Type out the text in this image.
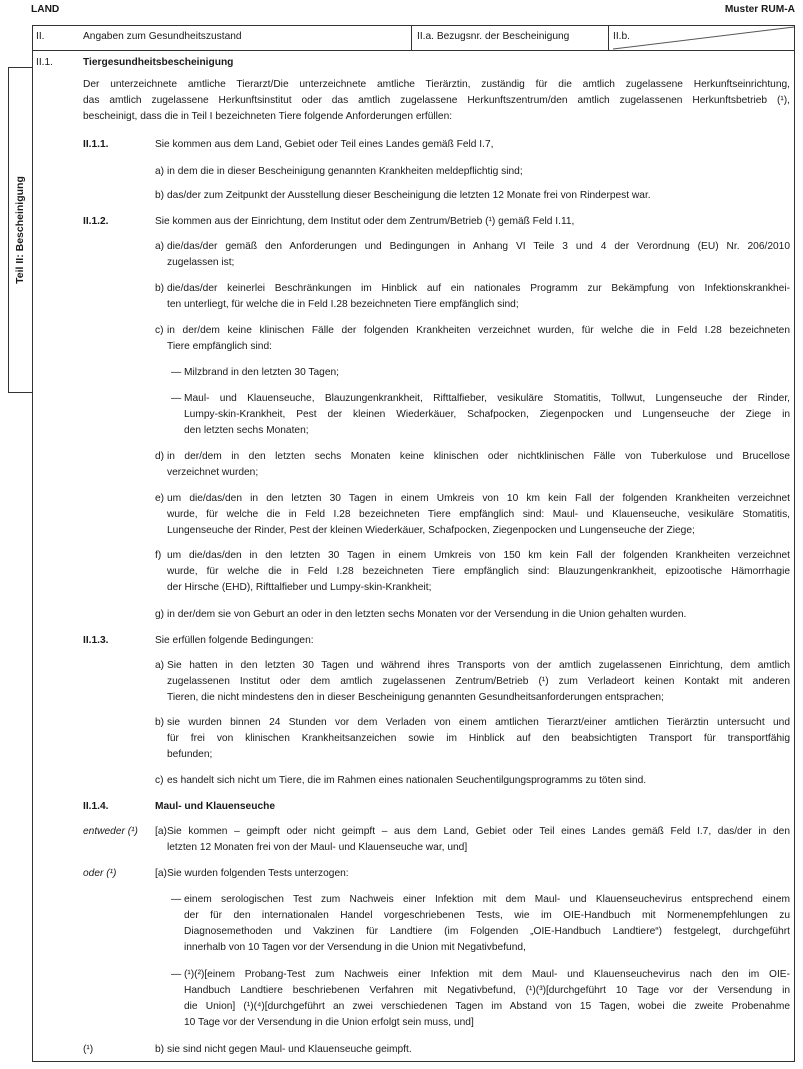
LAND	Muster RUM-A
II.	Angaben zum Gesundheitszustand	II.a. Bezugsnr. der Bescheinigung	II.b.
Teil II: Bescheinigung
II.1.	Tiergesundheitsbescheinigung
Der unterzeichnete amtliche Tierarzt/Die unterzeichnete amtliche Tierärztin, zuständig für die amtlich zugelassene Herkunftseinrichtung,
das amtlich zugelassene Herkunftsinstitut oder das amtlich zugelassene Herkunftszentrum/den amtlich zugelassenen Herkunftsbetrieb (¹),
bescheinigt, dass die in Teil I bezeichneten Tiere folgende Anforderungen erfüllen:
II.1.1.	Sie kommen aus dem Land, Gebiet oder Teil eines Landes gemäß Feld I.7,
a) in dem die in dieser Bescheinigung genannten Krankheiten meldepflichtig sind;
b) das/der zum Zeitpunkt der Ausstellung dieser Bescheinigung die letzten 12 Monate frei von Rinderpest war.
II.1.2.	Sie kommen aus der Einrichtung, dem Institut oder dem Zentrum/Betrieb (¹) gemäß Feld I.11,
a) die/das/der gemäß den Anforderungen und Bedingungen in Anhang VI Teile 3 und 4 der Verordnung (EU) Nr. 206/2010
zugelassen ist;
b) die/das/der keinerlei Beschränkungen im Hinblick auf ein nationales Programm zur Bekämpfung von Infektionskrankhei-
ten unterliegt, für welche die in Feld I.28 bezeichneten Tiere empfänglich sind;
c) in der/dem keine klinischen Fälle der folgenden Krankheiten verzeichnet wurden, für welche die in Feld I.28 bezeichneten
Tiere empfänglich sind:
— Milzbrand in den letzten 30 Tagen;
— Maul- und Klauenseuche, Blauzungenkrankheit, Rifttalfieber, vesikuläre Stomatitis, Tollwut, Lungenseuche der Rinder,
Lumpy-skin-Krankheit, Pest der kleinen Wiederkäuer, Schafpocken, Ziegenpocken und Lungenseuche der Ziege in
den letzten sechs Monaten;
d) in der/dem in den letzten sechs Monaten keine klinischen oder nichtklinischen Fälle von Tuberkulose und Brucellose
verzeichnet wurden;
e) um die/das/den in den letzten 30 Tagen in einem Umkreis von 10 km kein Fall der folgenden Krankheiten verzeichnet
wurde, für welche die in Feld I.28 bezeichneten Tiere empfänglich sind: Maul- und Klauenseuche, vesikuläre Stomatitis,
Lungenseuche der Rinder, Pest der kleinen Wiederkäuer, Schafpocken, Ziegenpocken und Lungenseuche der Ziege;
f) um die/das/den in den letzten 30 Tagen in einem Umkreis von 150 km kein Fall der folgenden Krankheiten verzeichnet
wurde, für welche die in Feld I.28 bezeichneten Tiere empfänglich sind: Blauzungenkrankheit, epizootische Hämorrhagie
der Hirsche (EHD), Rifttalfieber und Lumpy-skin-Krankheit;
g) in der/dem sie von Geburt an oder in den letzten sechs Monaten vor der Versendung in die Union gehalten wurden.
II.1.3.	Sie erfüllen folgende Bedingungen:
a) Sie hatten in den letzten 30 Tagen und während ihres Transports von der amtlich zugelassenen Einrichtung, dem amtlich
zugelassenen Institut oder dem amtlich zugelassenen Zentrum/Betrieb (¹) zum Verladeort keinen Kontakt mit anderen
Tieren, die nicht mindestens den in dieser Bescheinigung genannten Gesundheitsanforderungen entsprachen;
b) sie wurden binnen 24 Stunden vor dem Verladen von einem amtlichen Tierarzt/einer amtlichen Tierärztin untersucht und
für frei von klinischen Krankheitsanzeichen sowie im Hinblick auf den beabsichtigten Transport für transportfähig
befunden;
c) es handelt sich nicht um Tiere, die im Rahmen eines nationalen Seuchentilgungsprogramms zu töten sind.
II.1.4.	Maul- und Klauenseuche
entweder (¹) [a) Sie kommen – geimpft oder nicht geimpft – aus dem Land, Gebiet oder Teil eines Landes gemäß Feld I.7, das/der in den
letzten 12 Monaten frei von der Maul- und Klauenseuche war, und]
oder (¹)	[a) Sie wurden folgenden Tests unterzogen:
— einem serologischen Test zum Nachweis einer Infektion mit dem Maul- und Klauenseuchevirus entsprechend einem
der für den internationalen Handel vorgeschriebenen Tests, wie im OIE-Handbuch mit Normenempfehlungen zu
Diagnosemethoden und Vakzinen für Landtiere (im Folgenden „OIE-Handbuch Landtiere“) festgelegt, durchgeführt
innerhalb von 10 Tagen vor der Versendung in die Union mit Negativbefund,
— (¹)(²)[einem Probang-Test zum Nachweis einer Infektion mit dem Maul- und Klauenseuchevirus nach den im OIE-
Handbuch Landtiere beschriebenen Verfahren mit Negativbefund, (¹)(³)[durchgeführt 10 Tage vor der Versendung in
die Union] (¹)(⁴)[durchgeführt an zwei verschiedenen Tagen im Abstand von 15 Tagen, wobei die zweite Probenahme
10 Tage vor der Versendung in die Union erfolgt sein muss, und]
(¹)	b) sie sind nicht gegen Maul- und Klauenseuche geimpft.
